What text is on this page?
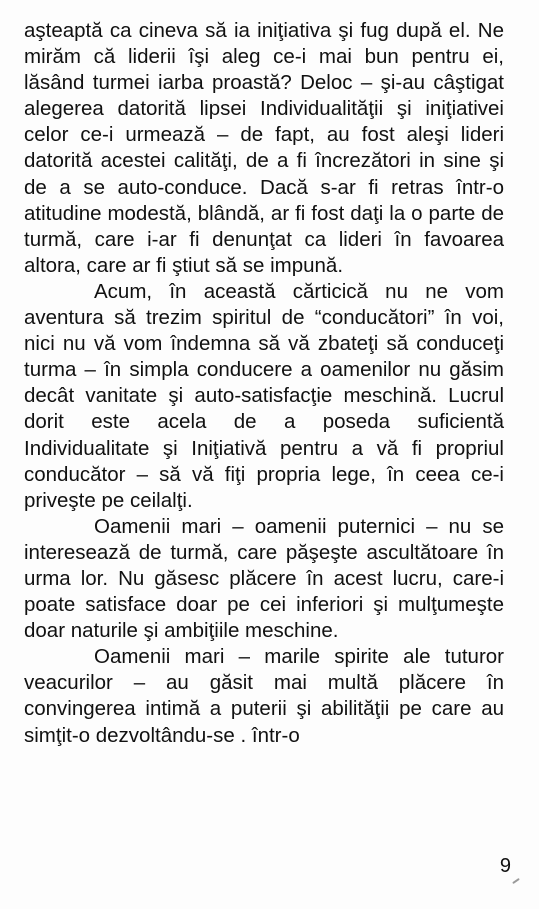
aşteaptă ca cineva să ia iniţiativa şi fug după el. Ne mirăm că liderii îşi aleg ce-i mai bun pentru ei, lăsând turmei iarba proastă? Deloc – şi-au câştigat alegerea datorită lipsei Individualităţii şi iniţiativei celor ce-i urmează – de fapt, au fost aleşi lideri datorită acestei calităţi, de a fi încrezători in sine şi de a se auto-conduce. Dacă s-ar fi retras într-o atitudine modestă, blândă, ar fi fost daţi la o parte de turmă, care i-ar fi denunţat ca lideri în favoarea altora, care ar fi ştiut să se impună.

Acum, în această cărticică nu ne vom aventura să trezim spiritul de “conducători” în voi, nici nu vă vom îndemna să vă zbateţi să conduceţi turma – în simpla conducere a oamenilor nu găsim decât vanitate şi auto-satisfacţie meschină. Lucrul dorit este acela de a poseda suficientă Individualitate şi Iniţiativă pentru a vă fi propriul conducător – să vă fiţi propria lege, în ceea ce-i priveşte pe ceilalţi.

Oamenii mari – oamenii puternici – nu se interesează de turmă, care păşeşte ascultătoare în urma lor. Nu găsesc plăcere în acest lucru, care-i poate satisface doar pe cei inferiori şi mulţumeşte doar naturile şi ambiţiile meschine.

Oamenii mari – marile spirite ale tuturor veacurilor – au găsit mai multă plăcere în convingerea intimă a puterii şi abilităţii pe care au simţit-o dezvoltându-se . într-o

9
